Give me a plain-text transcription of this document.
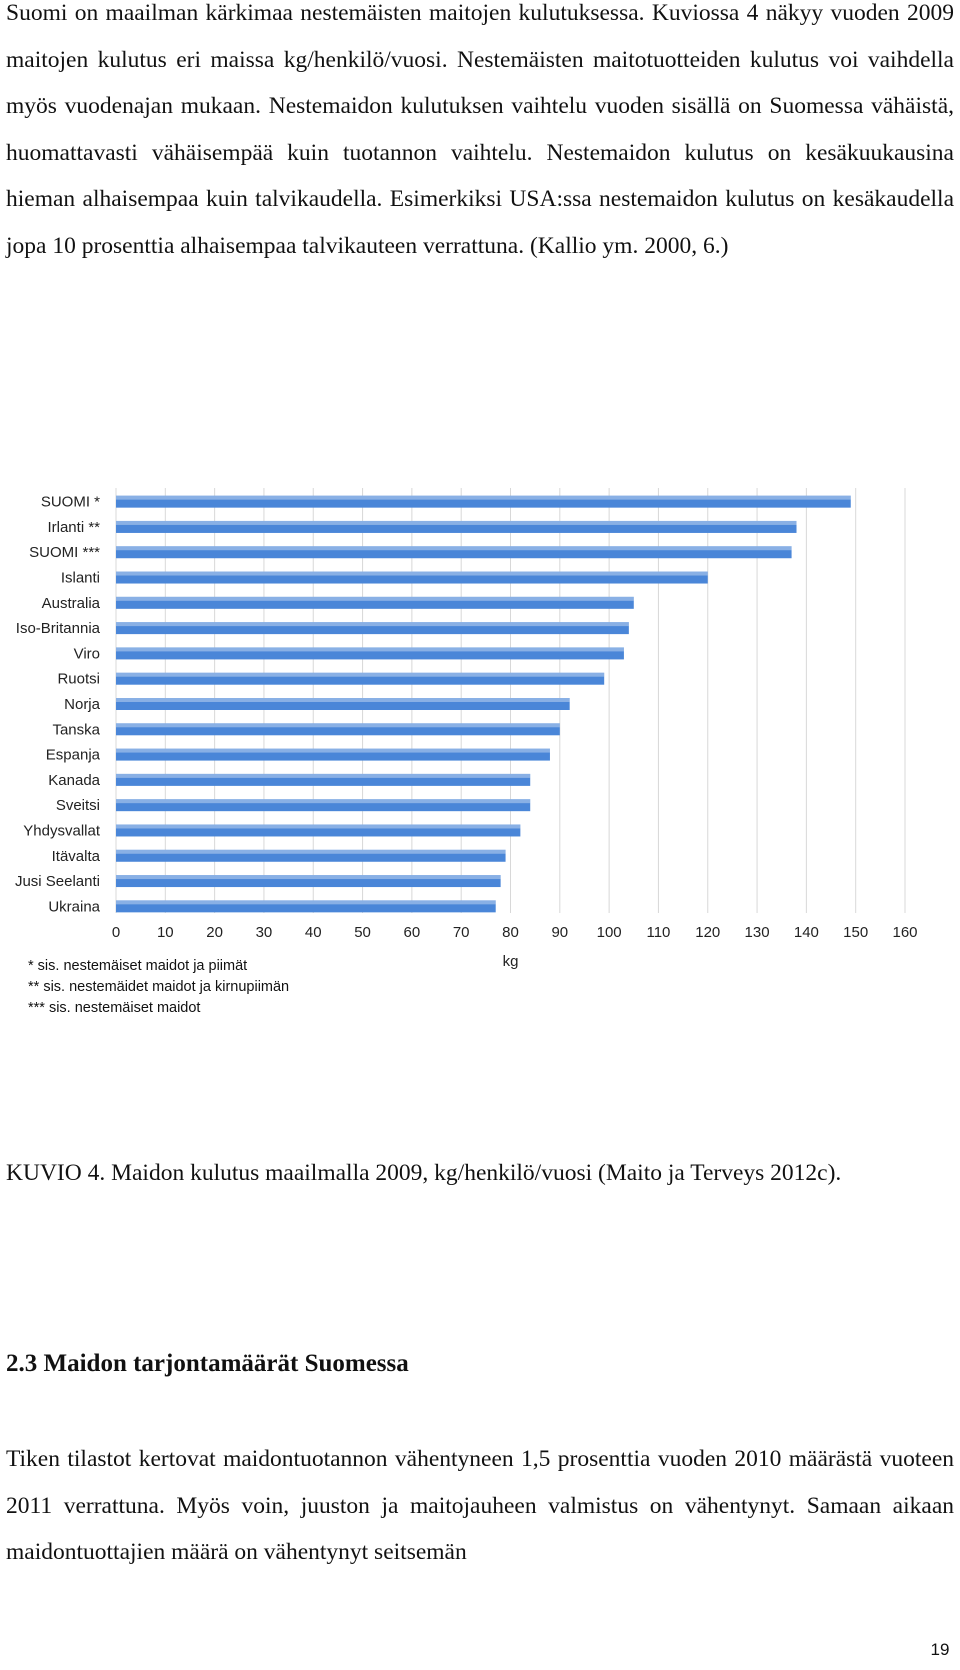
Suomi on maailman kärkimaa nestemäisten maitojen kulutuksessa. Kuviossa 4 näkyy vuoden 2009 maitojen kulutus eri maissa kg/henkilö/vuosi. Nestemäisten maitotuotteiden kulutus voi vaihdella myös vuodenajan mukaan. Nestemaidon kulutuksen vaihtelu vuoden sisällä on Suomessa vähäistä, huomattavasti vähäisempää kuin tuotannon vaihtelu. Nestemaidon kulutus on kesäkuukausina hieman alhaisempaa kuin talvikaudella. Esimerkiksi USA:ssa nestemaidon kulutus on kesäkaudella jopa 10 prosenttia alhaisempaa talvikauteen verrattuna. (Kallio ym. 2000, 6.)

SUOMI *
Irlanti **
SUOMI ***
Islanti
Australia
Iso-Britannia
Viro
Ruotsi
Norja
Tanska
Espanja
Kanada
Sveitsi
Yhdysvallat
Itävalta
Jusi Seelanti
Ukraina
0 10 20 30 40 50 60 70 80 90 100 110 120 130 140 150 160
kg
* sis. nestemäiset maidot ja piimät
** sis. nestemäidet maidot ja kirnupiimän
*** sis. nestemäiset maidot

KUVIO 4. Maidon kulutus maailmalla 2009, kg/henkilö/vuosi (Maito ja Terveys 2012c).

2.3 Maidon tarjontamäärät Suomessa

Tiken tilastot kertovat maidontuotannon vähentyneen 1,5 prosenttia vuoden 2010 määrästä vuoteen 2011 verrattuna. Myös voin, juuston ja maitojauheen valmistus on vähentynyt. Samaan aikaan maidontuottajien määrä on vähentynyt seitsemän

19
